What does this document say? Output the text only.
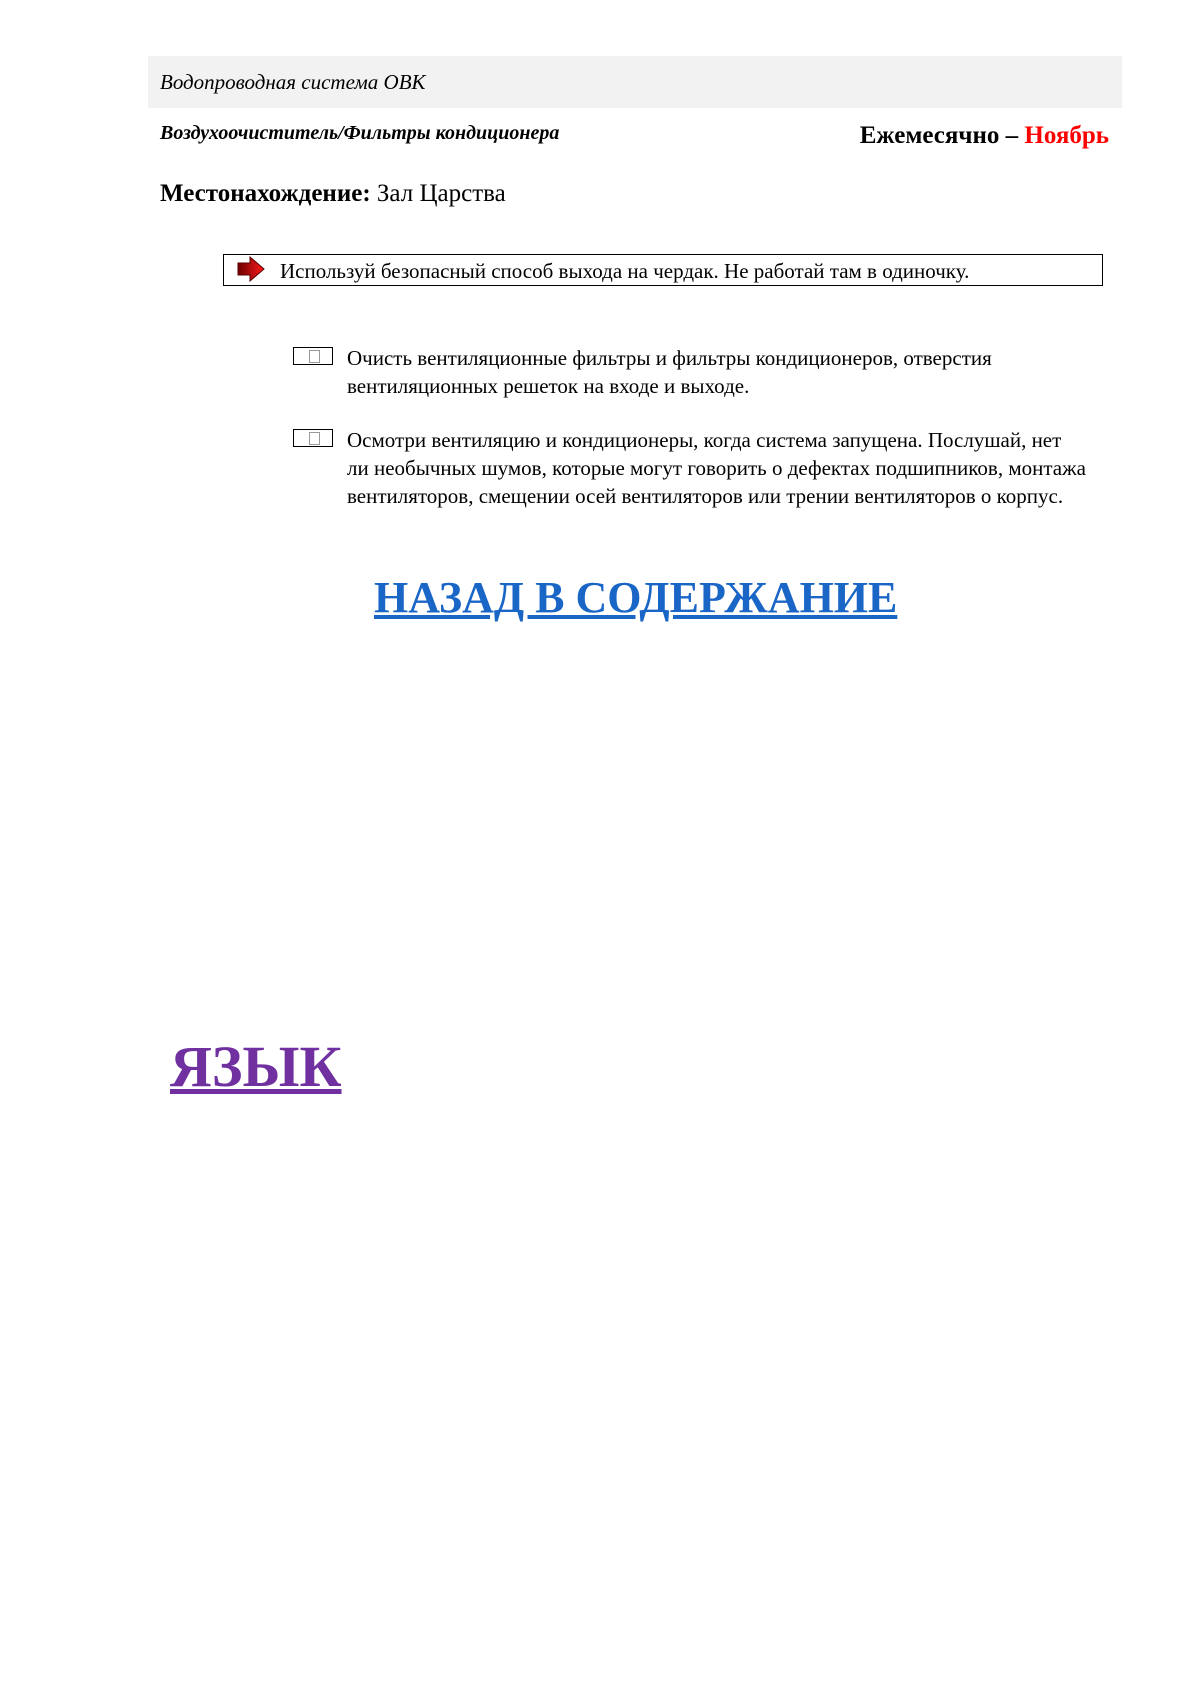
Водопроводная система ОВК
Воздухоочиститель/Фильтры кондиционера	Ежемесячно – Ноябрь
Местонахождение: Зал Царства
Используй безопасный способ выхода на чердак. Не работай там в одиночку.
Очисть вентиляционные фильтры и фильтры кондиционеров, отверстия вентиляционных решеток на входе и выходе.
Осмотри вентиляцию и кондиционеры, когда система запущена. Послушай, нет ли необычных шумов, которые могут говорить о дефектах подшипников, монтажа вентиляторов, смещении осей вентиляторов или трении вентиляторов о корпус.
НАЗАД В СОДЕРЖАНИЕ
ЯЗЫК
